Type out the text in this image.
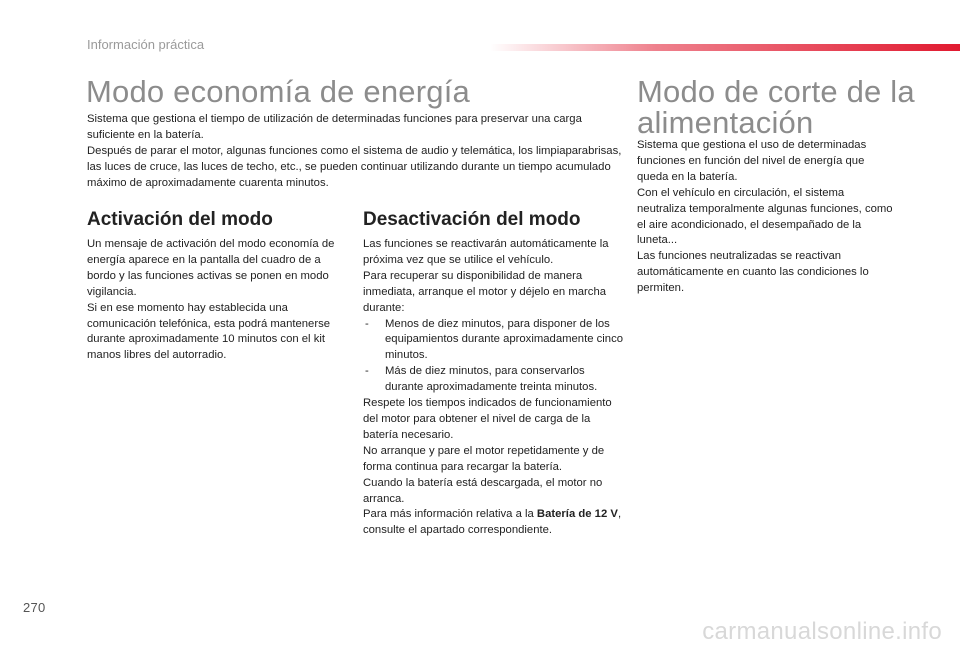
Información práctica
Modo economía de energía

Sistema que gestiona el tiempo de utilización de determinadas funciones para preservar una carga suficiente en la batería.

Después de parar el motor, algunas funciones como el sistema de audio y telemática, los limpiaparabrisas, las luces de cruce, las luces de techo, etc., se pueden continuar utilizando durante un tiempo acumulado máximo de aproximadamente cuarenta minutos.

Activación del modo

Un mensaje de activación del modo economía de energía aparece en la pantalla del cuadro de a bordo y las funciones activas se ponen en modo vigilancia.

Si en ese momento hay establecida una comunicación telefónica, esta podrá mantenerse durante aproximadamente 10 minutos con el kit manos libres del autorradio.

Desactivación del modo

Las funciones se reactivarán automáticamente la próxima vez que se utilice el vehículo.

Para recuperar su disponibilidad de manera inmediata, arranque el motor y déjelo en marcha durante:

- Menos de diez minutos, para disponer de los equipamientos durante aproximadamente cinco minutos.
- Más de diez minutos, para conservarlos durante aproximadamente treinta minutos.

Respete los tiempos indicados de funcionamiento del motor para obtener el nivel de carga de la batería necesario.

No arranque y pare el motor repetidamente y de forma continua para recargar la batería.

Cuando la batería está descargada, el motor no arranca.

Para más información relativa a la Batería de 12 V, consulte el apartado correspondiente.

Modo de corte de la
alimentación

Sistema que gestiona el uso de determinadas funciones en función del nivel de energía que queda en la batería.

Con el vehículo en circulación, el sistema neutraliza temporalmente algunas funciones, como el aire acondicionado, el desempañado de la luneta...

Las funciones neutralizadas se reactivan automáticamente en cuanto las condiciones lo permiten.

270
carmanualsonline.info
